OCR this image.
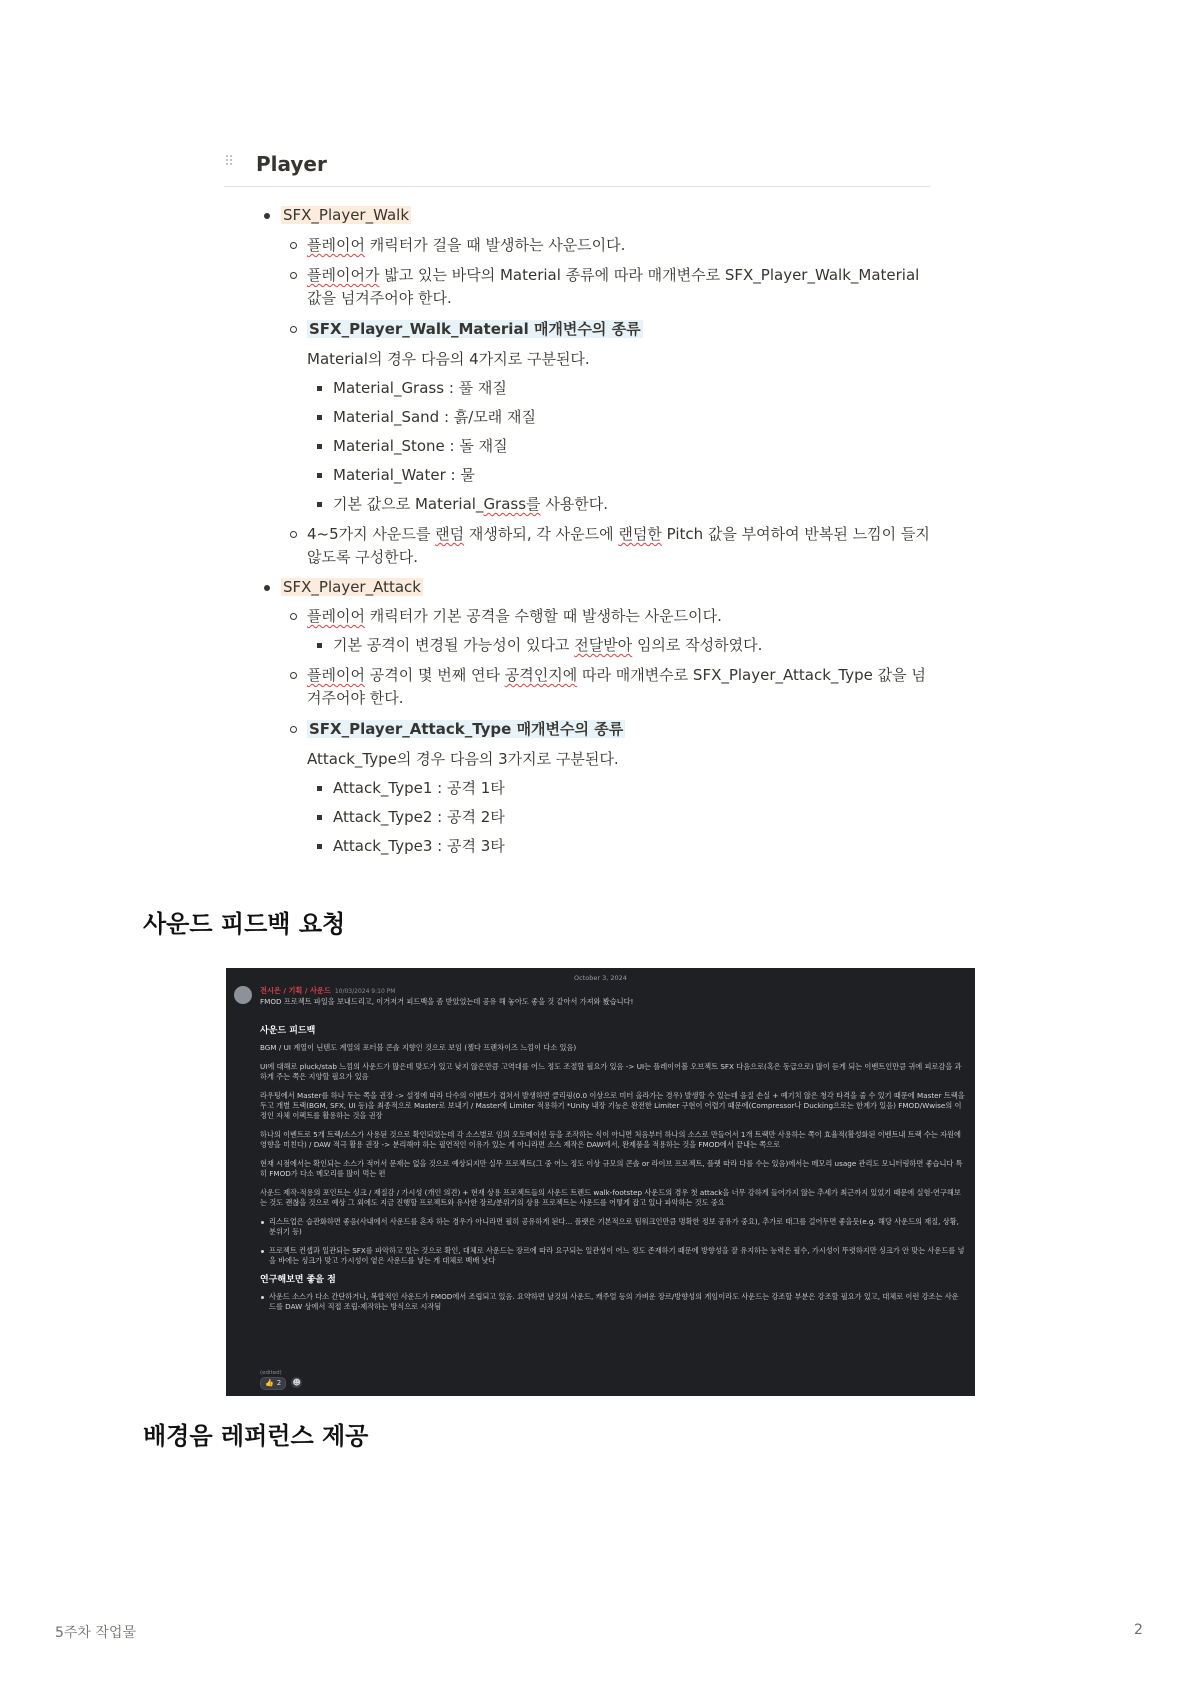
⠿ Player
SFX_Player_Walk
플레이어 캐릭터가 걸을 때 발생하는 사운드이다.
플레이어가 밟고 있는 바닥의 Material 종류에 따라 매개변수로 SFX_Player_Walk_Material 값을 넘겨주어야 한다.
SFX_Player_Walk_Material 매개변수의 종류
Material의 경우 다음의 4가지로 구분된다.
Material_Grass : 풀 재질
Material_Sand : 흙/모래 재질
Material_Stone : 돌 재질
Material_Water : 물
기본 값으로 Material_Grass를 사용한다.
4~5가지 사운드를 랜덤 재생하되, 각 사운드에 랜덤한 Pitch 값을 부여하여 반복된 느낌이 들지 않도록 구성한다.
SFX_Player_Attack
플레이어 캐릭터가 기본 공격을 수행할 때 발생하는 사운드이다.
기본 공격이 변경될 가능성이 있다고 전달받아 임의로 작성하였다.
플레이어 공격이 몇 번째 연타 공격인지에 따라 매개변수로 SFX_Player_Attack_Type 값을 넘겨주어야 한다.
SFX_Player_Attack_Type 매개변수의 종류
Attack_Type의 경우 다음의 3가지로 구분된다.
Attack_Type1 : 공격 1타
Attack_Type2 : 공격 2타
Attack_Type3 : 공격 3타
사운드 피드백 요청
October 3, 2024
전시은 / 기획 / 사운드 10/03/2024 9:10 PM
FMOD 프로젝트 파일을 보내드리고, 이거저거 피드백을 좀 받았었는데 공유 해 놓아도 좋을 것 같아서 가져와 봤습니다!
사운드 피드백

BGM / UI 계열이 닌텐도 계열의 포터블 콘솔 지향인 것으로 보임 (젤다 프랜차이즈 느낌이 다소 있음)

UI에 대해로 pluck/stab 느낌의 사운드가 많은데 맞도가 있고 낮지 않은만큼 고역대를 어느 정도 조절할 필요가 있음 -> UI는 플레이어볼 오브젝트 SFX 다음으로(혹은 동급으로) 많이 듣게 되는 이벤트인만큼 귀에 피로감을 과하게 주는 쪽은 지양할 필요가 있음

라우팅에서 Master를 하나 두는 쪽을 권장 -> 설정에 따라 다수의 이벤트가 겹쳐서 발생하면 클리핑(0.0 이상으로 미터 올라가는 경우) 발생할 수 있는데 음질 손실 + 예기치 않은 청각 타격을 줄 수 있기 때문에 Master 트랙을 두고 개별 트랙(BGM, SFX, UI 등)을 최종적으로 Master로 보내기 / Master에 Limiter 적용하기 *Unity 내장 기능은 완전한 Limiter 구현이 어렵기 때문에(Compressor나 Ducking으로는 한계가 있음) FMOD/Wwise의 이정인 자체 이펙트를 활용하는 것을 권장

하나의 이벤트로 5개 트랙/소스가 사용된 것으로 확인되었는데 각 소스별로 임의 오토메이션 등을 조작하는 식이 아니면 처음부터 하나의 소스로 만들어서 1개 트랙만 사용하는 쪽이 효율적(활성화된 이벤트내 트랙 수는 자원에 영향을 미친다) / DAW 적극 활용 권장 -> 분리해야 하는 필연적인 이유가 있는 게 아니라면 소스 제작은 DAW에서, 완제품을 적용하는 것을 FMOD에서 끝내는 쪽으로

현재 시점에서는 확인되는 소스가 적어서 문제는 없을 것으로 예상되지만 실무 프로젝트(그 중 어느 정도 이상 규모의 콘솔 or 라이브 프로젝트, 플랫 따라 다를 수는 있음)에서는 메모리 usage 관리도 모니터링하면 좋습니다 특히 FMOD가 다소 메모리를 많이 먹는 편

사운드 제작-적용의 포인트는 싱크 / 재질감 / 가시성 (개인 의견) + 현재 상용 프로젝트들의 사운드 트렌드 walk-footstep 사운드의 경우 첫 attack을 너무 강하게 들어가지 않는 추세가 최근까지 있었기 때문에 실험-연구해보는 것도 괜찮을 것으로 예상 그 외에도 지금 진행할 프로젝트와 유사한 장르/분위기의 상용 프로젝트는 사운드를 어떻게 잡고 있나 파악하는 것도 중요

리스트업은 습관화하면 좋음(사내에서 사운드를 혼자 하는 경우가 아니라면 필히 공유하게 된다... 플랫은 기본적으로 팀워크인만큼 명확한 정보 공유가 중요), 추가로 태그를 걸어두면 좋을듯(e.g. 해당 사운드의 재질, 상황, 분위기 등)
프로젝트 컨셉과 일관되는 SFX를 파악하고 있는 것으로 확인, 대체로 사운드는 장르에 따라 요구되는 일관성이 어느 정도 존재하기 때문에 방향성을 잘 유지하는 능력은 필수, 가시성이 뚜렷하지만 싱크가 안 맞는 사운드를 넣을 바에는 싱크가 맞고 가시성이 옅은 사운드를 넣는 게 대체로 백배 낫다
연구해보면 좋을 점
사운드 소스가 다소 간단하거나, 복합적인 사운드가 FMOD에서 조립되고 있음. 요약하면 날것의 사운드, 캐주얼 등의 가벼운 장르/방향성의 게임이라도 사운드는 강조할 부분은 강조할 필요가 있고, 대체로 이런 강조는 사운드를 DAW 상에서 직접 조립-제작하는 방식으로 시작됨
(edited)
👍 2 ☻
배경음 레퍼런스 제공
5주차 작업물	2
